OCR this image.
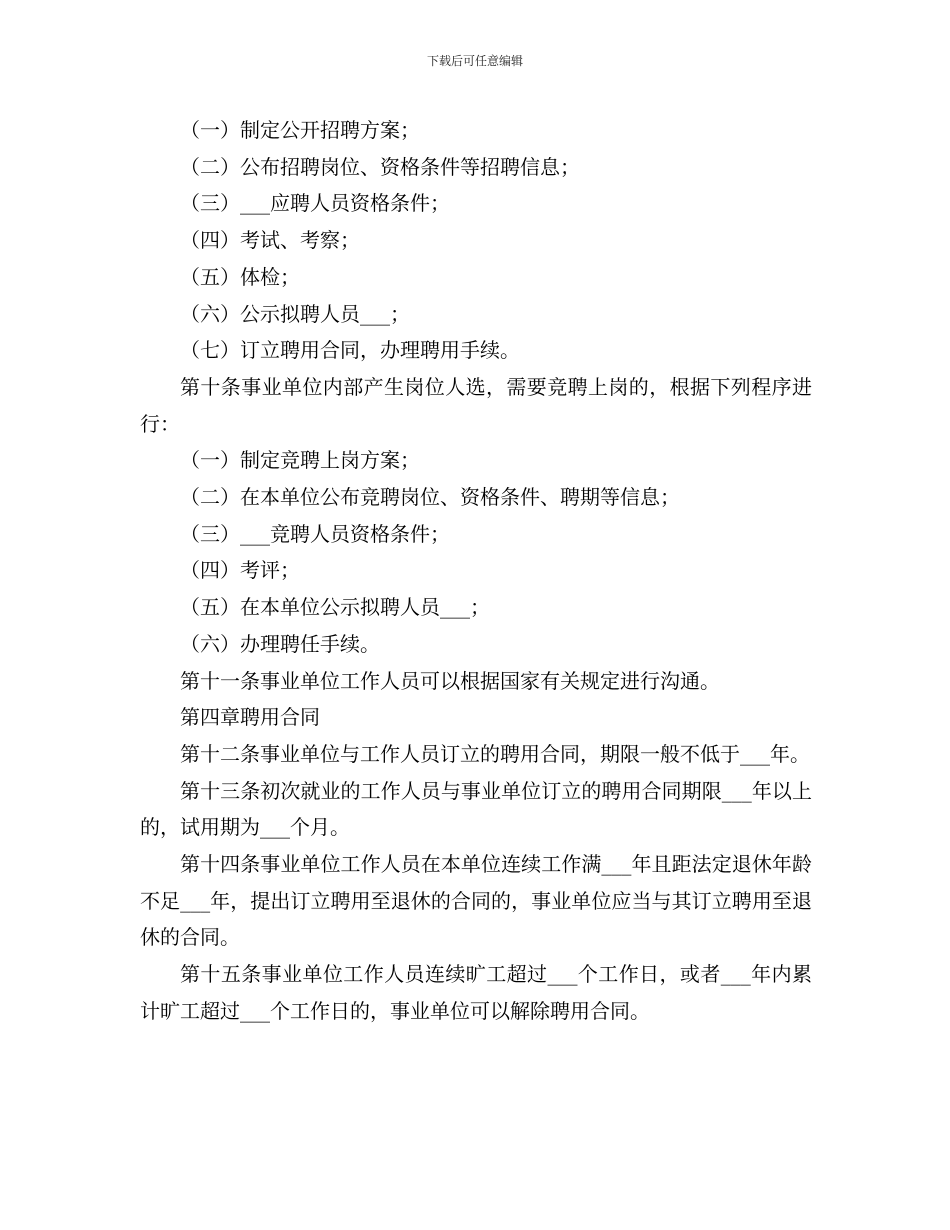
下载后可任意编辑

（一）制定公开招聘方案；

（二）公布招聘岗位、资格条件等招聘信息；

（三）___应聘人员资格条件；

（四）考试、考察；

（五）体检；

（六）公示拟聘人员___；

（七）订立聘用合同，办理聘用手续。

第十条事业单位内部产生岗位人选，需要竞聘上岗的，根据下列程序进行：

（一）制定竞聘上岗方案；

（二）在本单位公布竞聘岗位、资格条件、聘期等信息；

（三）___竞聘人员资格条件；

（四）考评；

（五）在本单位公示拟聘人员___；

（六）办理聘任手续。

第十一条事业单位工作人员可以根据国家有关规定进行沟通。

第四章聘用合同

第十二条事业单位与工作人员订立的聘用合同，期限一般不低于___年。

第十三条初次就业的工作人员与事业单位订立的聘用合同期限___年以上的，试用期为___个月。

第十四条事业单位工作人员在本单位连续工作满___年且距法定退休年龄不足___年，提出订立聘用至退休的合同的，事业单位应当与其订立聘用至退休的合同。

第十五条事业单位工作人员连续旷工超过___个工作日，或者___年内累计旷工超过___个工作日的，事业单位可以解除聘用合同。
